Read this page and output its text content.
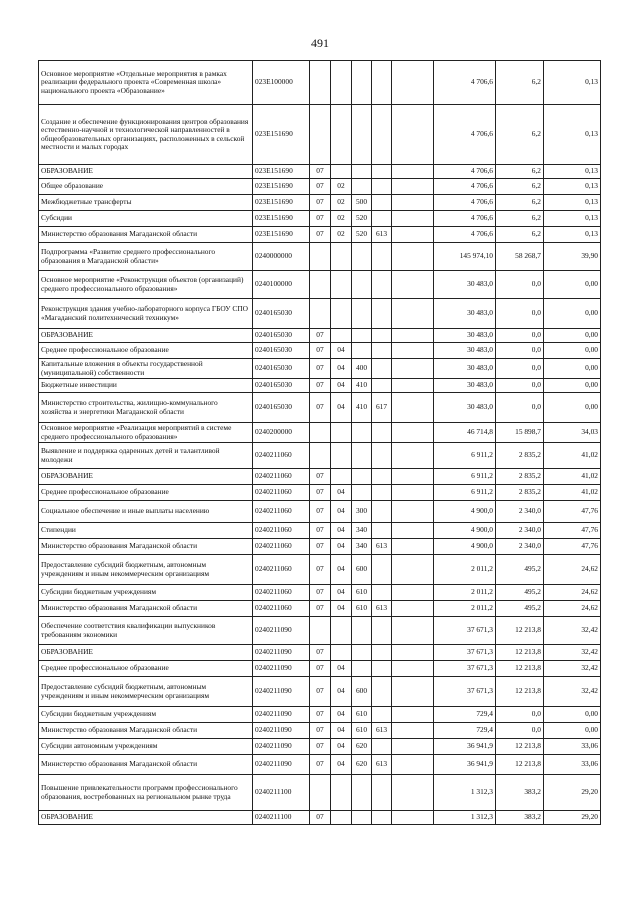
491
Основное мероприятие «Отдельные мероприятия в рамках реализации федерального проекта «Современная школа» национального проекта «Образование»	023E100000						4 706,6	6,2	0,13
Создание и обеспечение функционирования центров образования естественно-научной и технологической направленностей в общеобразовательных организациях, расположенных в сельской местности и малых городах	023E151690						4 706,6	6,2	0,13
ОБРАЗОВАНИЕ	023E151690	07					4 706,6	6,2	0,13
Общее образование	023E151690	07	02				4 706,6	6,2	0,13
Межбюджетные трансферты	023E151690	07	02	500			4 706,6	6,2	0,13
Субсидии	023E151690	07	02	520			4 706,6	6,2	0,13
Министерство образования Магаданской области	023E151690	07	02	520	613		4 706,6	6,2	0,13
Подпрограмма «Развитие среднего профессионального образования в Магаданской области»	0240000000						145 974,10	58 268,7	39,90
Основное мероприятие «Реконструкция объектов (организаций) среднего профессионального образования»	0240100000						30 483,0	0,0	0,00
Реконструкция здания учебно-лабораторного корпуса ГБОУ СПО «Магаданский политехнический техникум»	0240165030						30 483,0	0,0	0,00
ОБРАЗОВАНИЕ	0240165030	07					30 483,0	0,0	0,00
Среднее профессиональное образование	0240165030	07	04				30 483,0	0,0	0,00
Капитальные вложения в объекты государственной (муниципальной) собственности	0240165030	07	04	400			30 483,0	0,0	0,00
Бюджетные инвестиции	0240165030	07	04	410			30 483,0	0,0	0,00
Министерство строительства, жилищно-коммунального хозяйства и энергетики Магаданской области	0240165030	07	04	410	617		30 483,0	0,0	0,00
Основное мероприятие «Реализация мероприятий в системе среднего профессионального образования»	0240200000						46 714,8	15 898,7	34,03
Выявление и поддержка одаренных детей и талантливой молодежи	0240211060						6 911,2	2 835,2	41,02
ОБРАЗОВАНИЕ	0240211060	07					6 911,2	2 835,2	41,02
Среднее профессиональное образование	0240211060	07	04				6 911,2	2 835,2	41,02
Социальное обеспечение и иные выплаты населению	0240211060	07	04	300			4 900,0	2 340,0	47,76
Стипендии	0240211060	07	04	340			4 900,0	2 340,0	47,76
Министерство образования Магаданской области	0240211060	07	04	340	613		4 900,0	2 340,0	47,76
Предоставление субсидий бюджетным, автономным учреждениям и иным некоммерческим организациям	0240211060	07	04	600			2 011,2	495,2	24,62
Субсидии бюджетным учреждениям	0240211060	07	04	610			2 011,2	495,2	24,62
Министерство образования Магаданской области	0240211060	07	04	610	613		2 011,2	495,2	24,62
Обеспечение соответствия квалификации выпускников требованиям экономики	0240211090						37 671,3	12 213,8	32,42
ОБРАЗОВАНИЕ	0240211090	07					37 671,3	12 213,8	32,42
Среднее профессиональное образование	0240211090	07	04				37 671,3	12 213,8	32,42
Предоставление субсидий бюджетным, автономным учреждениям и иным некоммерческим организациям	0240211090	07	04	600			37 671,3	12 213,8	32,42
Субсидии бюджетным учреждениям	0240211090	07	04	610			729,4	0,0	0,00
Министерство образования Магаданской области	0240211090	07	04	610	613		729,4	0,0	0,00
Субсидии автономным учреждениям	0240211090	07	04	620			36 941,9	12 213,8	33,06
Министерство образования Магаданской области	0240211090	07	04	620	613		36 941,9	12 213,8	33,06
Повышение привлекательности программ профессионального образования, востребованных на региональном рынке труда	0240211100						1 312,3	383,2	29,20
ОБРАЗОВАНИЕ	0240211100	07					1 312,3	383,2	29,20
